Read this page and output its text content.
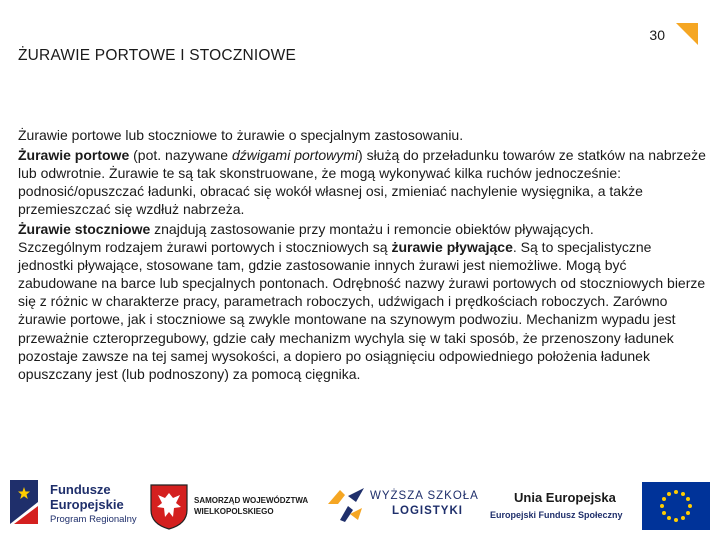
30
ŻURAWIE PORTOWE I STOCZNIOWE

Żurawie portowe lub stoczniowe to żurawie o specjalnym zastosowaniu.

Żurawie portowe (pot. nazywane dźwigami portowymi) służą do przeładunku towarów ze statków na nabrzeże lub odwrotnie. Żurawie te są tak skonstruowane, że mogą wykonywać kilka ruchów jednocześnie: podnosić/opuszczać ładunki, obracać się wokół własnej osi, zmieniać nachylenie wysięgnika, a także przemieszczać się wzdłuż nabrzeża.

Żurawie stoczniowe znajdują zastosowanie przy montażu i remoncie obiektów pływających.

Szczególnym rodzajem żurawi portowych i stoczniowych są żurawie pływające. Są to specjalistyczne jednostki pływające, stosowane tam, gdzie zastosowanie innych żurawi jest niemożliwe. Mogą być zabudowane na barce lub specjalnych pontonach. Odrębność nazwy żurawi portowych od stoczniowych bierze się z różnic w charakterze pracy, parametrach roboczych, udźwigach i prędkościach roboczych. Zarówno żurawie portowe, jak i stoczniowe są zwykle montowane na szynowym podwoziu. Mechanizm wypadu jest przeważnie czteroprzegubowy, gdzie cały mechanizm wychyla się w taki sposób, że przenoszony ładunek pozostaje zawsze na tej samej wysokości, a dopiero po osiągnięciu odpowiedniego położenia ładunek opuszczany jest (lub podnoszony) za pomocą cięgnika.

Fundusze
Europejskie
Program Regionalny
SAMORZĄD WOJEWÓDZTWA
WIELKOPOLSKIEGO
WYŻSZA SZKOŁA
LOGISTYKI
Unia Europejska
Europejski Fundusz Społeczny
